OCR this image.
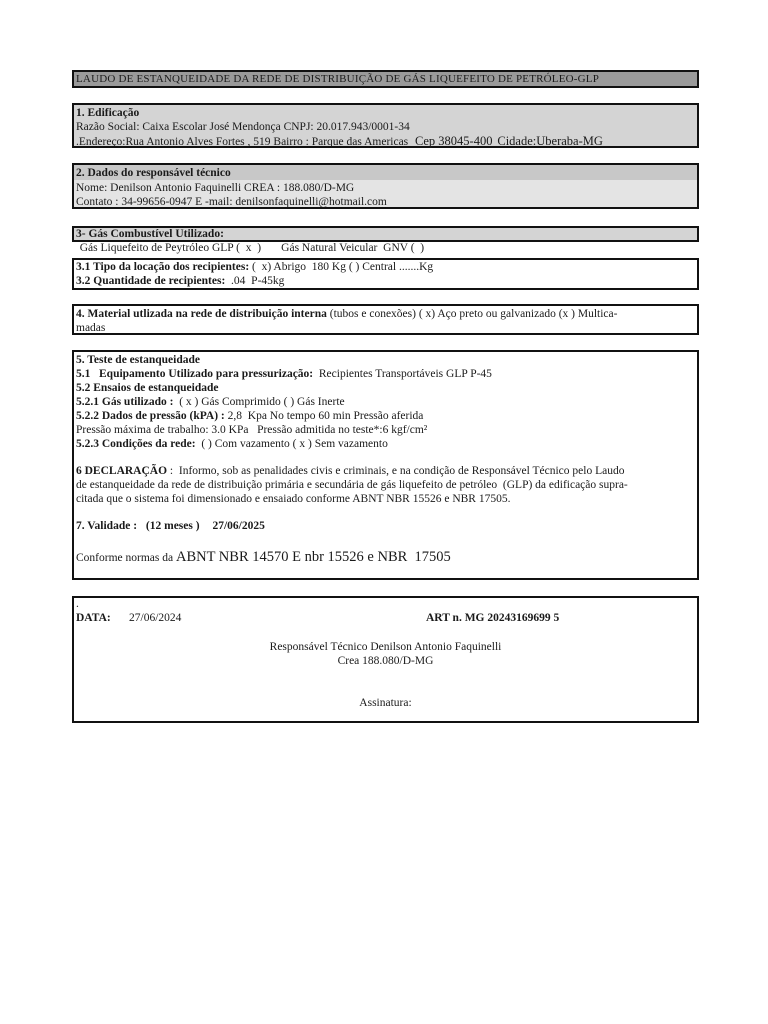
LAUDO DE ESTANQUEIDADE DA REDE DE DISTRIBUIÇÃO DE GÁS LIQUEFEITO DE PETRÓLEO-GLP
1. Edificação
Razão Social: Caixa Escolar José Mendonça CNPJ: 20.017.943/0001-34
.Endereço:Rua Antonio Alves Fortes , 519 Bairro : Parque das Americas Cep 38045-400 Cidade:Uberaba-MG
2. Dados do responsável técnico
Nome: Denilson Antonio Faquinelli CREA : 188.080/D-MG
Contato : 34-99656-0947 E -mail: denilsonfaquinelli@hotmail.com
3- Gás Combustível Utilizado:
Gás Liquefeito de Peytróleo GLP (  x  )       Gás Natural Veicular  GNV (  )
3.1 Tipo da locação dos recipientes: (  x) Abrigo  180 Kg ( ) Central .......Kg
3.2 Quantidade de recipientes:  .04  P-45kg
4. Material utlizada na rede de distribuição interna (tubos e conexões) ( x) Aço preto ou galvanizado (x ) Multica-
madas
5. Teste de estanqueidade
5.1   Equipamento Utilizado para pressurização:  Recipientes Transportáveis GLP P-45
5.2 Ensaios de estanqueidade
5.2.1 Gás utilizado :  ( x ) Gás Comprimido ( ) Gás Inerte
5.2.2 Dados de pressão (kPA) : 2,8  Kpa No tempo 60 min Pressão aferida
Pressão máxima de trabalho: 3.0 KPa   Pressão admitida no teste*:6 kgf/cm²
5.2.3 Condições da rede:  ( ) Com vazamento ( x ) Sem vazamento
6 DECLARAÇÃO :  Informo, sob as penalidades civis e criminais, e na condição de Responsável Técnico pelo Laudo
de estanqueidade da rede de distribuição primária e secundária de gás liquefeito de petróleo  (GLP) da edificação supra-
citada que o sistema foi dimensionado e ensaiado conforme ABNT NBR 15526 e NBR 17505.
7. Validade : (12 meses ) 27/06/2025
Conforme normas da ABNT NBR 14570 E nbr 15526 e NBR  17505
.
DATA: 27/06/2024	ART n. MG 20243169699 5
Responsável Técnico Denilson Antonio Faquinelli
Crea 188.080/D-MG
Assinatura:
